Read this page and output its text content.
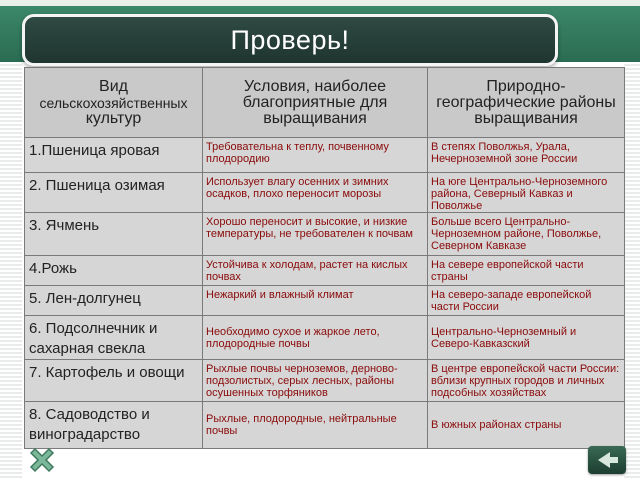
Проверь!
Вид
сельскохозяйственных
культур	Условия, наиболее благоприятные для выращивания	Природно-географические районы выращивания
1.Пшеница яровая	Требовательна к теплу, почвенному плодородию	В степях Поволжья, Урала, Нечерноземной зоне России
2. Пшеница озимая	Использует влагу осенних и зимних осадков, плохо переносит морозы	На юге Центрально-Черноземного района, Северный Кавказ и Поволжье
3. Ячмень	Хорошо переносит и высокие, и низкие температуры, не требователен к почвам	Больше всего Центрально-Черноземном районе, Поволжье, Северном Кавказе
4.Рожь	Устойчива к холодам, растет на кислых почвах	На севере европейской части страны
5. Лен-долгунец	Нежаркий и влажный климат	На северо-западе европейской части России
6. Подсолнечник и сахарная свекла	Необходимо сухое и жаркое лето, плодородные почвы	Центрально-Черноземный и Северо-Кавказский
7. Картофель и овощи	Рыхлые почвы черноземов, дерново-подзолистых, серых лесных, районы осушенных торфяников	В центре европейской части России: вблизи крупных городов и личных подсобных хозяйствах
8. Садоводство и виноградарство	Рыхлые, плодородные, нейтральные почвы	В южных районах страны
